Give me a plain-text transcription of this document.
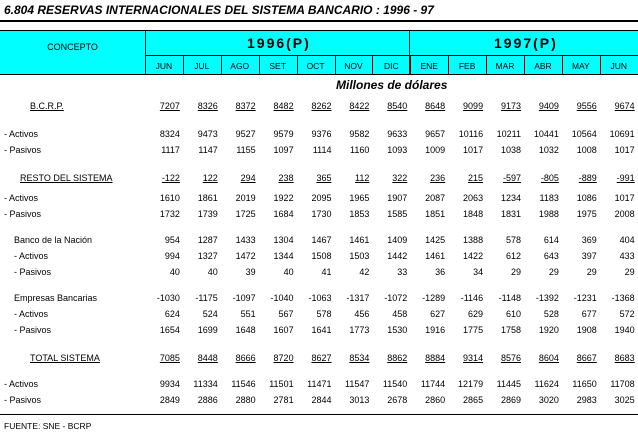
6.804 RESERVAS INTERNACIONALES DEL SISTEMA BANCARIO : 1996 - 97
CONCEPTO	1996(P)	1997(P)
JUN	JUL	AGO	SET	OCT	NOV	DIC	ENE	FEB	MAR	ABR	MAY	JUN
Millones de dólares
B.C.R.P.	7207	8326	8372	8482	8262	8422	8540	8648	9099	9173	9409	9556	9674
- Activos	8324	9473	9527	9579	9376	9582	9633	9657	10116	10211	10441	10564	10691
- Pasivos	1117	1147	1155	1097	1114	1160	1093	1009	1017	1038	1032	1008	1017
RESTO DEL SISTEMA	-122	122	294	238	365	112	322	236	215	-597	-805	-889	-991
- Activos	1610	1861	2019	1922	2095	1965	1907	2087	2063	1234	1183	1086	1017
- Pasivos	1732	1739	1725	1684	1730	1853	1585	1851	1848	1831	1988	1975	2008
Banco de la Nación	954	1287	1433	1304	1467	1461	1409	1425	1388	578	614	369	404
- Activos	994	1327	1472	1344	1508	1503	1442	1461	1422	612	643	397	433
- Pasivos	40	40	39	40	41	42	33	36	34	29	29	29	29
Empresas Bancarias	-1030	-1175	-1097	-1040	-1063	-1317	-1072	-1289	-1146	-1148	-1392	-1231	-1368
- Activos	624	524	551	567	578	456	458	627	629	610	528	677	572
- Pasivos	1654	1699	1648	1607	1641	1773	1530	1916	1775	1758	1920	1908	1940
TOTAL SISTEMA	7085	8448	8666	8720	8627	8534	8862	8884	9314	8576	8604	8667	8683
- Activos	9934	11334	11546	11501	11471	11547	11540	11744	12179	11445	11624	11650	11708
- Pasivos	2849	2886	2880	2781	2844	3013	2678	2860	2865	2869	3020	2983	3025
FUENTE: SNE - BCRP
